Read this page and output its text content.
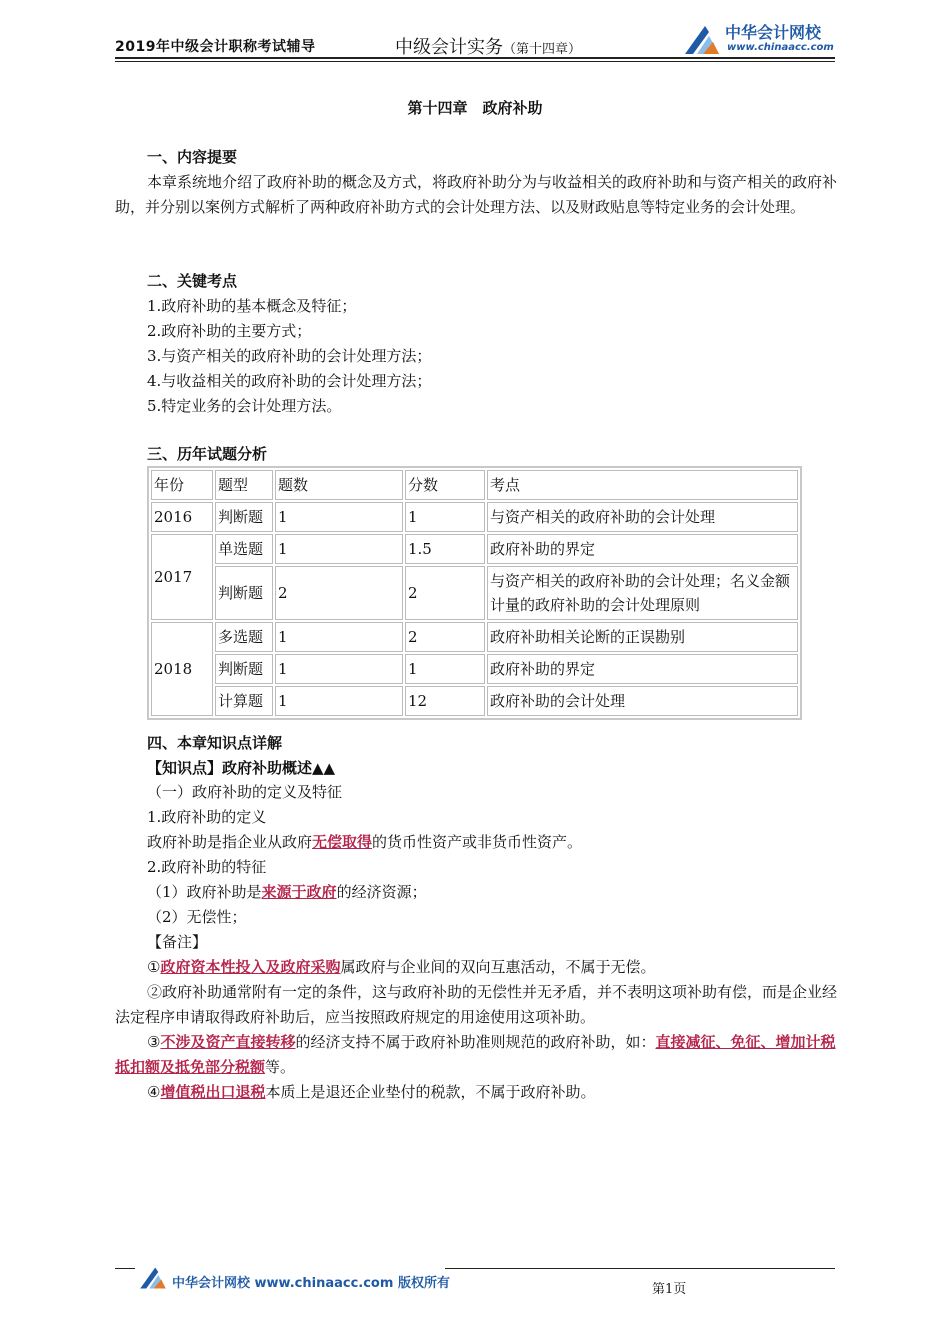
2019年中级会计职称考试辅导	中级会计实务（第十四章）
中华会计网校
www.chinaacc.com
第十四章　政府补助
一、内容提要
本章系统地介绍了政府补助的概念及方式，将政府补助分为与收益相关的政府补助和与资产相关的政府补助，并分别以案例方式解析了两种政府补助方式的会计处理方法、以及财政贴息等特定业务的会计处理。
二、关键考点
1.政府补助的基本概念及特征；
2.政府补助的主要方式；
3.与资产相关的政府补助的会计处理方法；
4.与收益相关的政府补助的会计处理方法；
5.特定业务的会计处理方法。
三、历年试题分析
年份	题型	题数	分数	考点
2016	判断题	1	1	与资产相关的政府补助的会计处理
2017	单选题	1	1.5	政府补助的界定
	判断题	2	2	与资产相关的政府补助的会计处理；名义金额计量的政府补助的会计处理原则
2018	多选题	1	2	政府补助相关论断的正误勘别
	判断题	1	1	政府补助的界定
	计算题	1	12	政府补助的会计处理
四、本章知识点详解
【知识点】政府补助概述▲▲
（一）政府补助的定义及特征
1.政府补助的定义
政府补助是指企业从政府无偿取得的货币性资产或非货币性资产。
2.政府补助的特征
（1）政府补助是来源于政府的经济资源；
（2）无偿性；
【备注】
①政府资本性投入及政府采购属政府与企业间的双向互惠活动，不属于无偿。
②政府补助通常附有一定的条件，这与政府补助的无偿性并无矛盾，并不表明这项补助有偿，而是企业经法定程序申请取得政府补助后，应当按照政府规定的用途使用这项补助。
③不涉及资产直接转移的经济支持不属于政府补助准则规范的政府补助，如：直接减征、免征、增加计税抵扣额及抵免部分税额等。
④增值税出口退税本质上是退还企业垫付的税款，不属于政府补助。
中华会计网校 www.chinaacc.com 版权所有	第1页
